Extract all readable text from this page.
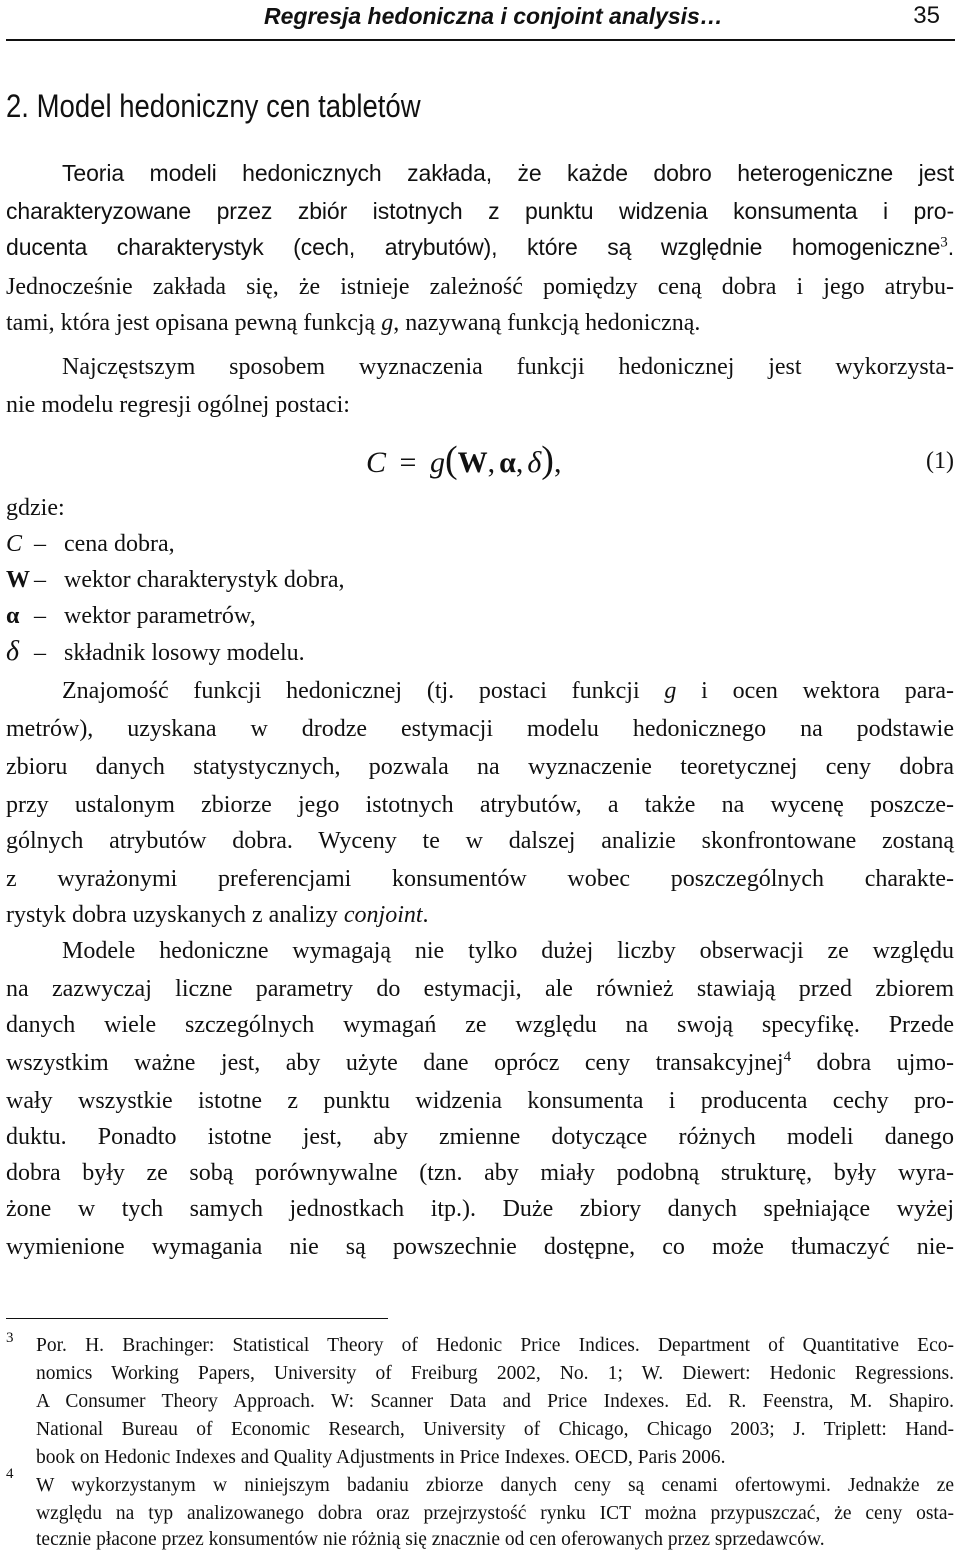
Regresja hedoniczna i conjoint analysis…	35
2. Model hedoniczny cen tabletów
Teoria modeli hedonicznych zakłada, że każde dobro heterogeniczne jest
charakteryzowane przez zbiór istotnych z punktu widzenia konsumenta i pro-
ducenta charakterystyk (cech, atrybutów), które są względnie homogeniczne$^3$.
Jednocześnie zakłada się, że istnieje zależność pomiędzy ceną dobra i jego atrybu-
tami, która jest opisana pewną funkcją g, nazywaną funkcją hedoniczną.
Najczęstszym sposobem wyznaczenia funkcji hedonicznej jest wykorzysta-
nie modelu regresji ogólnej postaci:
C = g(W, α, δ),	(1)
gdzie:
C – cena dobra,
W – wektor charakterystyk dobra,
α – wektor parametrów,
δ – składnik losowy modelu.
Znajomość funkcji hedonicznej (tj. postaci funkcji g i ocen wektora para-
metrów), uzyskana w drodze estymacji modelu hedonicznego na podstawie
zbioru danych statystycznych, pozwala na wyznaczenie teoretycznej ceny dobra
przy ustalonym zbiorze jego istotnych atrybutów, a także na wycenę poszcze-
gólnych atrybutów dobra. Wyceny te w dalszej analizie skonfrontowane zostaną
z wyrażonymi preferencjami konsumentów wobec poszczególnych charakte-
rystyk dobra uzyskanych z analizy conjoint.
Modele hedoniczne wymagają nie tylko dużej liczby obserwacji ze względu
na zazwyczaj liczne parametry do estymacji, ale również stawiają przed zbiorem
danych wiele szczególnych wymagań ze względu na swoją specyfikę. Przede
wszystkim ważne jest, aby użyte dane oprócz ceny transakcyjnej$^4$ dobra ujmo-
wały wszystkie istotne z punktu widzenia konsumenta i producenta cechy pro-
duktu. Ponadto istotne jest, aby zmienne dotyczące różnych modeli danego
dobra były ze sobą porównywalne (tzn. aby miały podobną strukturę, były wyra-
żone w tych samych jednostkach itp.). Duże zbiory danych spełniające wyżej
wymienione wymagania nie są powszechnie dostępne, co może tłumaczyć nie-
3 Por. H. Brachinger: Statistical Theory of Hedonic Price Indices. Department of Quantitative Eco-
nomics Working Papers, University of Freiburg 2002, No. 1; W. Diewert: Hedonic Regressions.
A Consumer Theory Approach. W: Scanner Data and Price Indexes. Ed. R. Feenstra, M. Shapiro.
National Bureau of Economic Research, University of Chicago, Chicago 2003; J. Triplett: Hand-
book on Hedonic Indexes and Quality Adjustments in Price Indexes. OECD, Paris 2006.
4
W wykorzystanym w niniejszym badaniu zbiorze danych ceny są cenami ofertowymi. Jednakże ze
względu na typ analizowanego dobra oraz przejrzystość rynku ICT można przypuszczać, że ceny osta-
tecznie płacone przez konsumentów nie różnią się znacznie od cen oferowanych przez sprzedawców.
